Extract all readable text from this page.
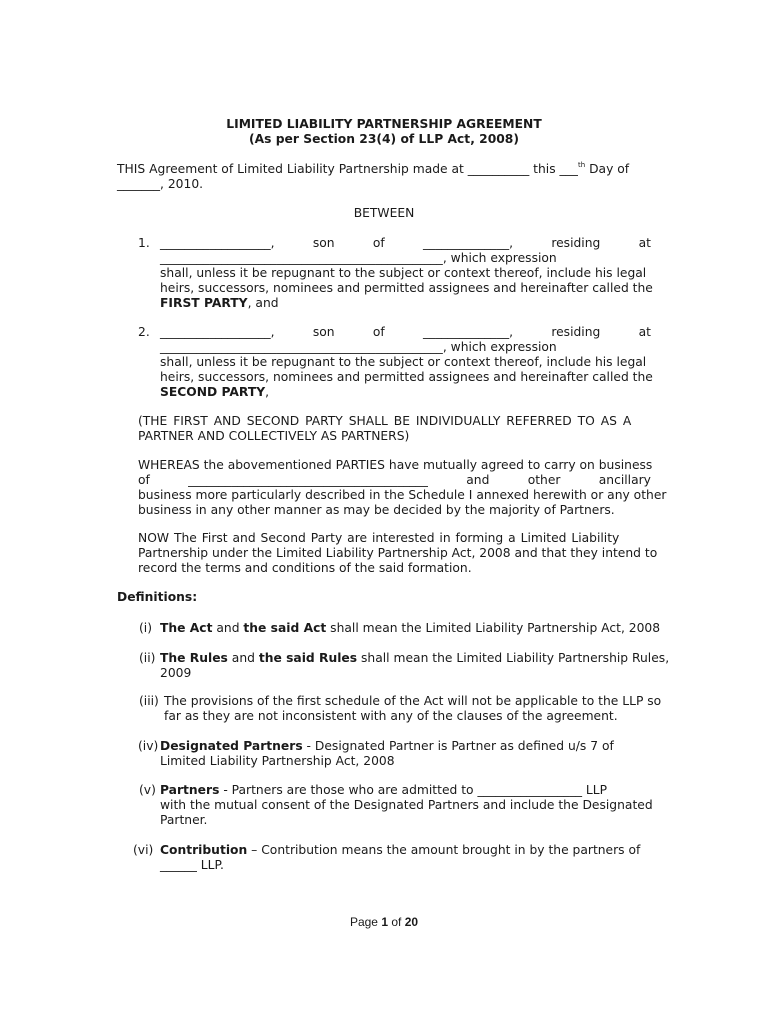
LIMITED LIABILITY PARTNERSHIP AGREEMENT
(As per Section 23(4) of LLP Act, 2008)
THIS Agreement of Limited Liability Partnership made at __________ this ___$^{th}$ Day of
_______, 2010.
BETWEEN
1. __________________,	son	of	______________,	residing	at
______________________________________________, which expression
shall, unless it be repugnant to the subject or context thereof, include his legal
heirs, successors, nominees and permitted assignees and hereinafter called the
FIRST PARTY, and
2. __________________,	son	of	______________,	residing	at
______________________________________________, which expression
shall, unless it be repugnant to the subject or context thereof, include his legal
heirs, successors, nominees and permitted assignees and hereinafter called the
SECOND PARTY,
(THE FIRST AND SECOND PARTY SHALL BE INDIVIDUALLY REFERRED TO AS A
PARTNER AND COLLECTIVELY AS PARTNERS)
WHEREAS the abovementioned PARTIES have mutually agreed to carry on business
of	_______________________________________	and	other	ancillary
business more particularly described in the Schedule I annexed herewith or any other
business in any other manner as may be decided by the majority of Partners.
NOW The First and Second Party are interested in forming a Limited Liability
Partnership under the Limited Liability Partnership Act, 2008 and that they intend to
record the terms and conditions of the said formation.
Definitions:
(i) The Act and the said Act shall mean the Limited Liability Partnership Act, 2008
(ii) The Rules and the said Rules shall mean the Limited Liability Partnership Rules,
2009
(iii) The provisions of the first schedule of the Act will not be applicable to the LLP so
far as they are not inconsistent with any of the clauses of the agreement.
(iv) Designated Partners - Designated Partner is Partner as defined u/s 7 of
Limited Liability Partnership Act, 2008
(v) Partners - Partners are those who are admitted to _________________ LLP
with the mutual consent of the Designated Partners and include the Designated
Partner.
(vi) Contribution – Contribution means the amount brought in by the partners of
______ LLP.
Page 1 of 20
